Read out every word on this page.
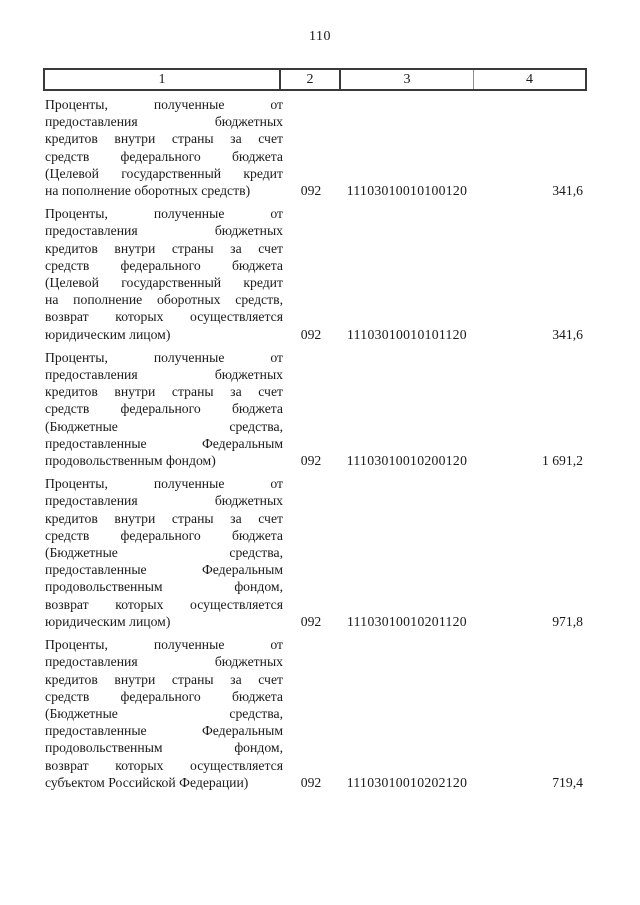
110
1	2	3	4
Проценты, полученные от
предоставления бюджетных
кредитов внутри страны за счет
средств федерального бюджета
(Целевой государственный кредит
на пополнение оборотных средств)	092	11103010010100120	341,6
Проценты, полученные от
предоставления бюджетных
кредитов внутри страны за счет
средств федерального бюджета
(Целевой государственный кредит
на пополнение оборотных средств,
возврат которых осуществляется
юридическим лицом)	092	11103010010101120	341,6
Проценты, полученные от
предоставления бюджетных
кредитов внутри страны за счет
средств федерального бюджета
(Бюджетные средства,
предоставленные Федеральным
продовольственным фондом)	092	11103010010200120	1 691,2
Проценты, полученные от
предоставления бюджетных
кредитов внутри страны за счет
средств федерального бюджета
(Бюджетные средства,
предоставленные Федеральным
продовольственным фондом,
возврат которых осуществляется
юридическим лицом)	092	11103010010201120	971,8
Проценты, полученные от
предоставления бюджетных
кредитов внутри страны за счет
средств федерального бюджета
(Бюджетные средства,
предоставленные Федеральным
продовольственным фондом,
возврат которых осуществляется
субъектом Российской Федерации)	092	11103010010202120	719,4
